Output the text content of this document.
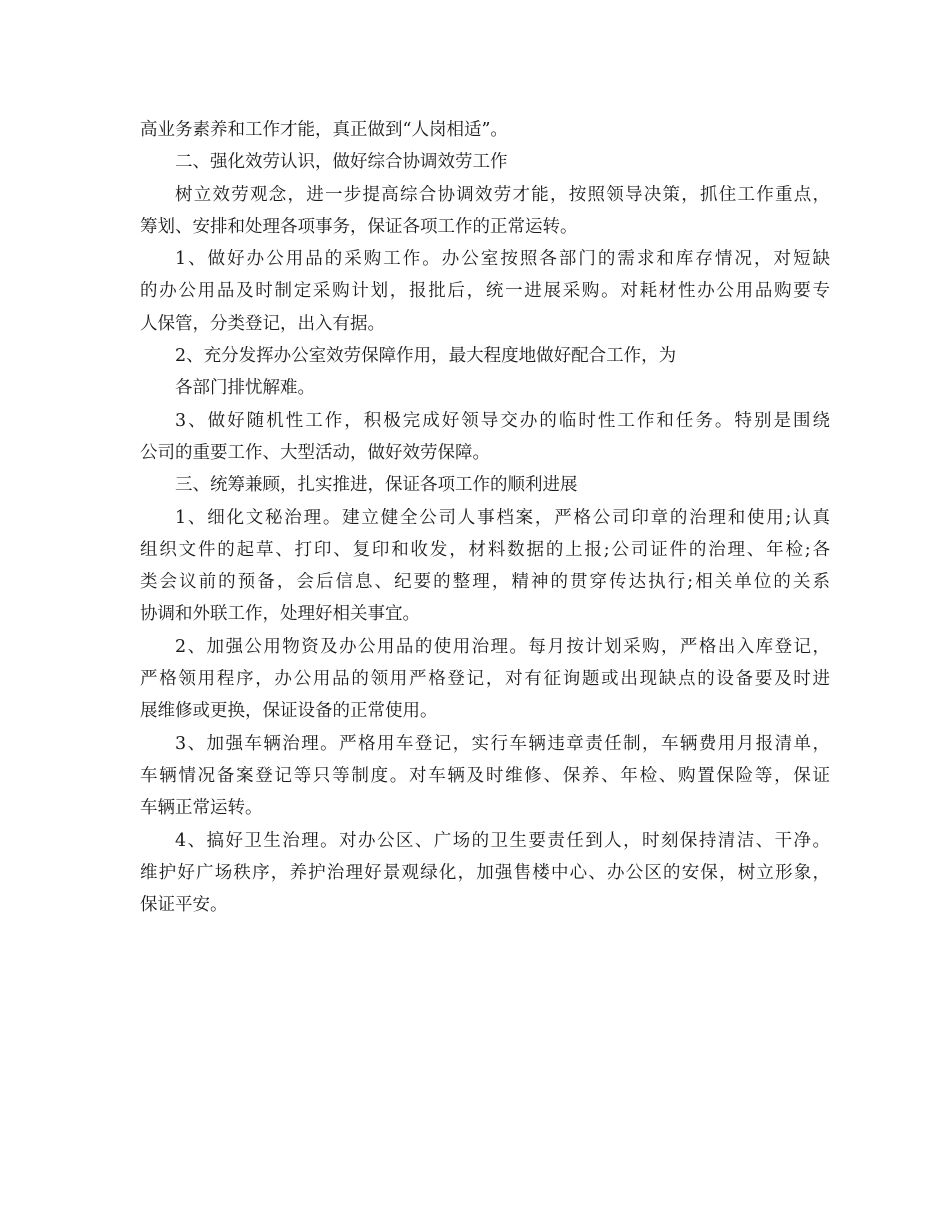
高业务素养和工作才能，真正做到“人岗相适”。
二、强化效劳认识，做好综合协调效劳工作
树立效劳观念，进一步提高综合协调效劳才能，按照领导决策，抓住工作重点，
筹划、安排和处理各项事务，保证各项工作的正常运转。
1、做好办公用品的采购工作。办公室按照各部门的需求和库存情况，对短缺
的办公用品及时制定采购计划，报批后，统一进展采购。对耗材性办公用品购要专
人保管，分类登记，出入有据。
2、充分发挥办公室效劳保障作用，最大程度地做好配合工作，为
各部门排忧解难。
3、做好随机性工作，积极完成好领导交办的临时性工作和任务。特别是围绕
公司的重要工作、大型活动，做好效劳保障。
三、统筹兼顾，扎实推进，保证各项工作的顺利进展
1、细化文秘治理。建立健全公司人事档案，严格公司印章的治理和使用;认真
组织文件的起草、打印、复印和收发，材料数据的上报;公司证件的治理、年检;各
类会议前的预备，会后信息、纪要的整理，精神的贯穿传达执行;相关单位的关系
协调和外联工作，处理好相关事宜。
2、加强公用物资及办公用品的使用治理。每月按计划采购，严格出入库登记，
严格领用程序，办公用品的领用严格登记，对有征询题或出现缺点的设备要及时进
展维修或更换，保证设备的正常使用。
3、加强车辆治理。严格用车登记，实行车辆违章责任制，车辆费用月报清单，
车辆情况备案登记等只等制度。对车辆及时维修、保养、年检、购置保险等，保证
车辆正常运转。
4、搞好卫生治理。对办公区、广场的卫生要责任到人，时刻保持清洁、干净。
维护好广场秩序，养护治理好景观绿化，加强售楼中心、办公区的安保，树立形象，
保证平安。
